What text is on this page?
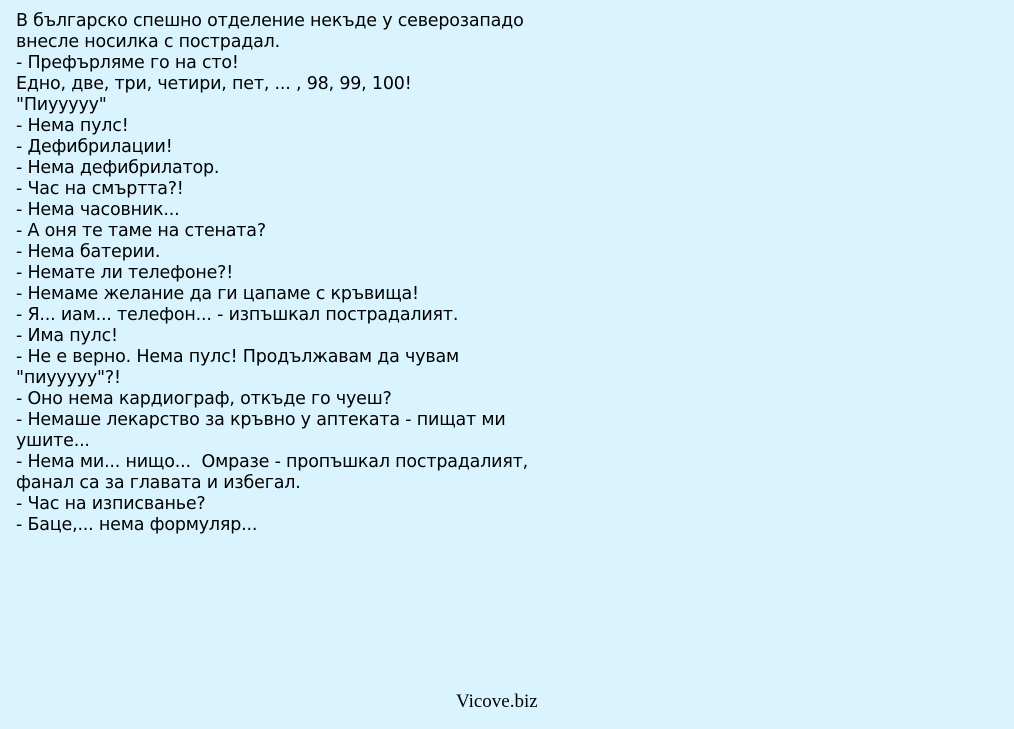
В българско спешно отделение некъде у северозападо
внесле носилка с пострадал.
- Префърляме го на сто!
Едно, две, три, четири, пет, ... , 98, 99, 100!
"Пиууууу"
- Нема пулс!
- Дефибрилации!
- Нема дефибрилатор.
- Час на смъртта?!
- Нема часовник...
- А оня те таме на стената?
- Нема батерии.
- Немате ли телефоне?!
- Немаме желание да ги цапаме с кръвища!
- Я... иам... телефон... - изпъшкал пострадалият.
- Има пулс!
- Не е верно. Нема пулс! Продължавам да чувам
"пиууууу"?!
- Оно нема кардиограф, откъде го чуеш?
- Немаше лекарство за кръвно у аптеката - пищат ми
ушите...
- Нема ми... нищо...  Омразе - пропъшкал пострадалият,
фанал са за главата и избегал.
- Час на изписванье?
- Баце,... нема формуляр...
Vicove.biz
